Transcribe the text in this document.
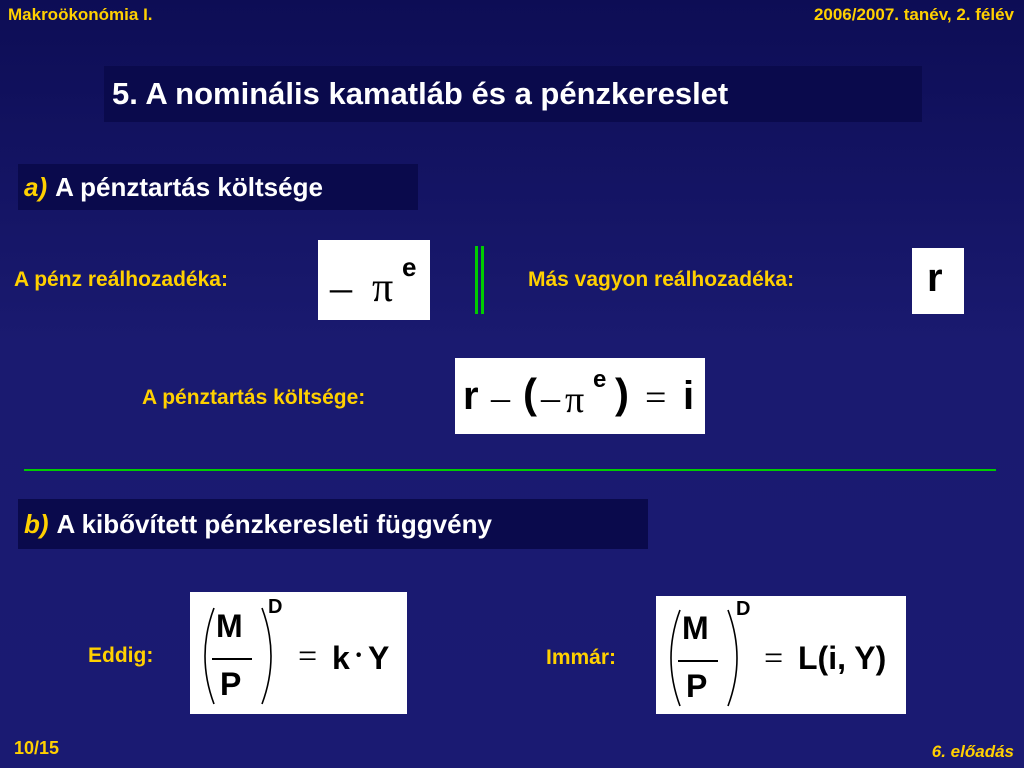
Makroökonómia I.	2006/2007. tanév, 2. félév
5. A nominális kamatláb és a pénzkereslet
a) A pénztartás költsége
A pénz reálhozadéka: – π e	Más vagyon reálhozadéka:	r
A pénztartás költsége: r – ( – π e ) = i
b) A kibővített pénzkeresleti függvény
Eddig:
M
P
D
= k · Y	Immár:
M
P
D
= L(i, Y)
10/15	6. előadás
